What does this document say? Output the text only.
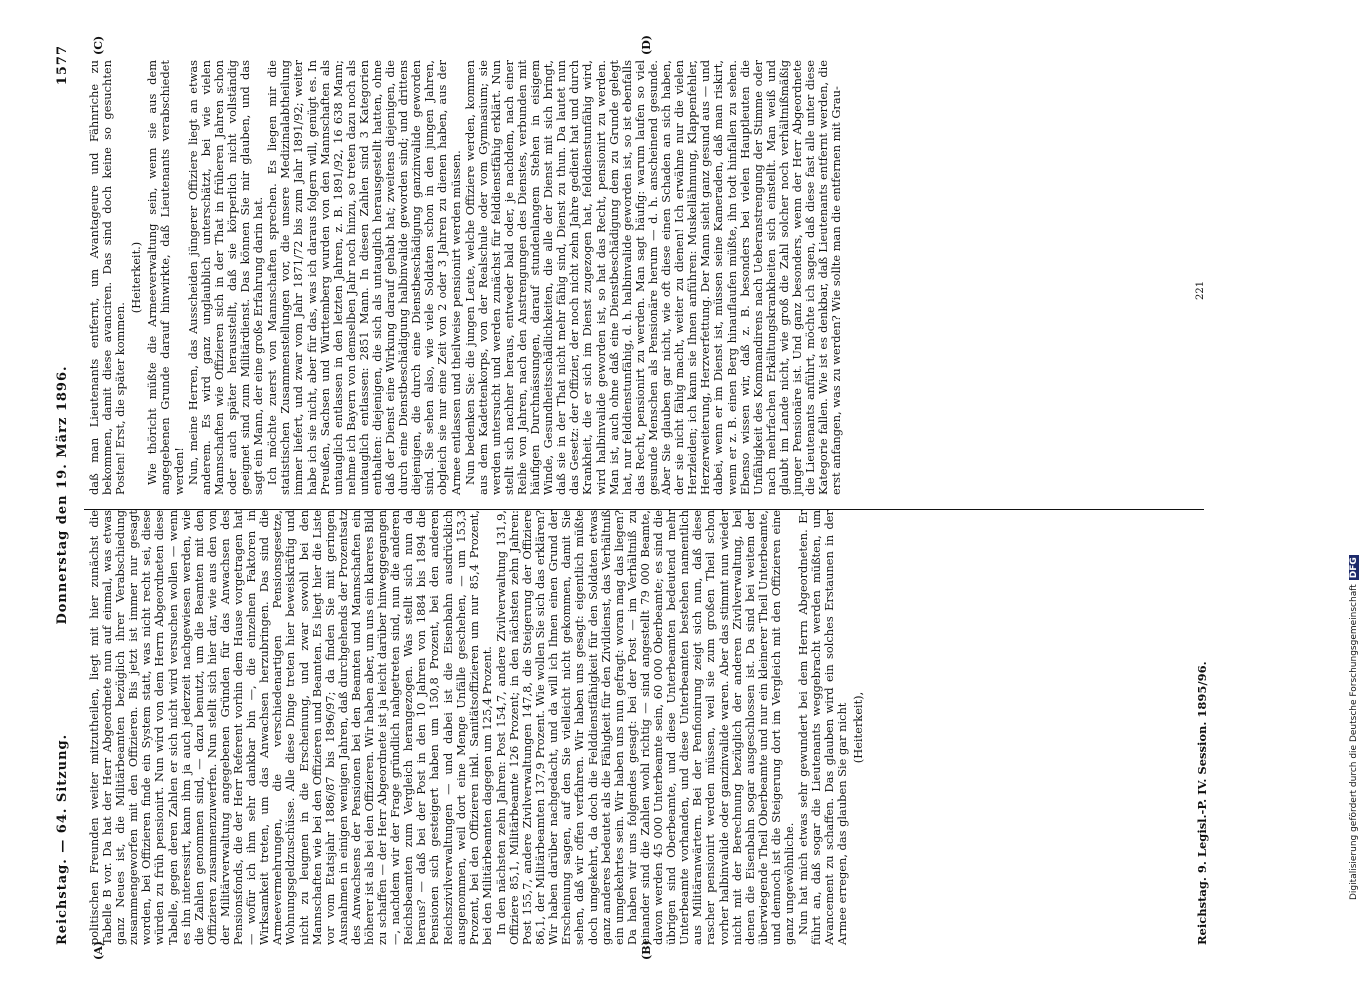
Reichstag. — 64. Sitzung.
Donnerstag den 19. März 1896.
1577
(A)	(B)
(C)	(D)

politischen Freunden weiter mitzutheilen, liegt mit hier zunächst die Tabelle B vor. Da hat der Herr Abgeordnete nun auf einmal, was etwas ganz Neues ist, die Militärbeamten bezüglich ihrer Verabschiedung zusammengeworfen mit den Offizieren. Bis jetzt ist immer nur gesagt worden, bei Offizieren finde ein System statt, was nicht recht sei, diese würden zu früh pensionirt. Nun wird von dem Herrn Abgeordneten diese Tabelle, gegen deren Zahlen er sich nicht wird versuchen wollen — wenn es ihn interessirt, kann ihm ja auch jederzeit nachgewiesen werden, wie die Zahlen genommen sind, — dazu benutzt, um die Beamten mit den Offizieren zusammenzuwerfen. Nun stellt sich hier dar, wie aus den von der Militärverwaltung angegebenen Gründen für das Anwachsen des Pensionsfonds, die der Herr Referent vorhin dem Hause vorgetragen hat — wofür ich ihm sehr dankbar bin —, die einzelnen Faktoren in Wirksamkeit treten, um das Anwachsen herzubringen. Das sind die Armeevermehrungen, die verschiedenartigen Pensionsgesetze, Wohnungsgeldzuschüsse. Alle diese Dinge treten hier beweiskräftig und nicht zu leugnen in die Erscheinung, und zwar sowohl bei den Mannschaften wie bei den Offizieren und Beamten. Es liegt hier die Liste vor vom Etatsjahr 1886/87 bis 1896/97; da finden Sie mit geringen Ausnahmen in einigen wenigen Jahren, daß durchgehends der Prozentsatz des Anwachsens der Pensionen bei den Beamten und Mannschaften ein höherer ist als bei den Offizieren. Wir haben aber, um uns ein klareres Bild zu schaffen — der Herr Abgeordnete ist ja leicht darüber hinweggegangen —, nachdem wir der Frage gründlich nahgetreten sind, nun die anderen Reichsbeamten zum Vergleich herangezogen. Was stellt sich nun da heraus? — daß bei der Post in den 10 Jahren von 1884 bis 1894 die Pensionen sich gesteigert haben um 150,8 Prozent, bei den anderen Reichszivilverwaltungen — und dabei ist die Eisenbahn ausdrücklich ausgenommen, weil dort eine Menge Unfälle geschehen, — um 153,3 Prozent, bei den Offizieren inkl. Sanitätsoffizieren um nur 85,4 Prozent, bei den Militärbeamten dagegen um 125,4 Prozent. In den nächsten zehn Jahren: Post 154,7, andere Zivilverwaltung 131,9, Offiziere 85,1, Militärbeamte 126 Prozent; in den nächsten zehn Jahren: Post 155,7, andere Zivilverwaltungen 147,8, die Steigerung der Offiziere 86,1, der Militärbeamten 137,9 Prozent. Wie wollen Sie sich das erklären? Wir haben darüber nachgedacht, und da will ich Ihnen einen Grund der Erscheinung sagen, auf den Sie vielleicht nicht gekommen, damit Sie sehen, daß wir offen verfahren. Wir haben uns gesagt: eigentlich müßte doch umgekehrt, da doch die Felddienstfähigkeit für den Soldaten etwas ganz anderes bedeutet als die Fähigkeit für den Zivildienst, das Verhältniß ein umgekehrtes sein. Wir haben uns nun gefragt: woran mag das liegen? Da haben wir uns folgendes gesagt: bei der Post — im Verhältniß zu einander sind die Zahlen wohl richtig — sind angestellt 79 000 Beamte, davon werden 45 000 Unterbeamte sein, 60 000 Oberbeamte; es sind die übrigen sind Oberbeamte, und diese Unterbeamten bedeutend mehr Unterbeamte vorhanden, und diese Unterbeamten bestehen namentlich aus Militäranwärtern. Bei der Penfionirung zeigt sich nun, daß diese rascher pensionirt werden müssen, weil sie zum großen Theil schon vorher halbinvalide oder ganzinvalide waren. Aber das stimmt nun wieder nicht mit der Berechnung bezüglich der anderen Zivilverwaltung, bei denen die Eisenbahn sogar ausgeschlossen ist. Da sind bei weitem der überwiegende Theil Oberbeamte und nur ein kleinerer Theil Unterbeamte, und dennoch ist die Steigerung dort im Vergleich mit den Offizieren eine ganz ungewöhnliche. Nun hat mich etwas sehr gewundert bei dem Herrn Abgeordneten. Er führt an, daß sogar die Lieutenants weggebracht werden müßten, um Avancement zu schaffen. Das glauben wird ein solches Erstaunen in der Armee erregen, das glauben Sie gar nicht (Heiterkeit),

daß man Lieutenants entfernt, um Avantageure und Fähnriche zu bekommen, damit diese avanciren. Das sind doch keine so gesuchten Posten! Erst, die später kommen.

(Heiterkeit.) Wie thöricht müßte die Armeeverwaltung sein, wenn sie aus dem angegebenen Grunde darauf hinwirkte, daß Lieutenants verabschiedet werden! Nun, meine Herren, das Ausscheiden jüngerer Offiziere liegt an etwas anderem. Es wird ganz unglaublich unterschätzt, bei wie vielen Mannschaften wie Offizieren sich in der That in früheren Jahren schon oder auch später herausstellt, daß sie körperlich nicht vollständig geeignet sind zum Militärdienst. Das können Sie mir glauben, und das sagt ein Mann, der eine große Erfahrung darin hat. Ich möchte zuerst von Mannschaften sprechen. Es liegen mir die statistischen Zusammenstellungen vor, die unsere Medizinalabtheilung immer liefert, und zwar vom Jahr 1871/72 bis zum Jahr 1891/92; weiter habe ich sie nicht, aber für das, was ich daraus folgern will, genügt es. In Preußen, Sachsen und Württemberg wurden von den Mannschaften als untauglich entlassen in den letzten Jahren, z. B. 1891/92, 16 638 Mann; nehme ich Bayern von demselben Jahr noch hinzu, so treten dazu noch als untauglich entlassen: 2851 Mann. In diesen Zahlen sind 3 Kategorien enthalten: diejenigen, die sich als untauglich herausgestellt hatten, ohne daß der Dienst eine Wirkung darauf gehabt hat; zweitens diejenigen, die durch eine Dienstbeschädigung halbinvalide geworden sind; und drittens diejenigen, die durch eine Dienstbeschädigung ganzinvalide geworden sind. Sie sehen also, wie viele Soldaten schon in den jungen Jahren, obgleich sie nur eine Zeit von 2 oder 3 Jahren zu dienen haben, aus der Armee entlassen und theilweise pensionirt werden müssen. Nun bedenken Sie: die jungen Leute, welche Offiziere werden, kommen aus dem Kadettenkorps, von der Realschule oder vom Gymnasium; sie werden untersucht und werden zunächst für felddienstfähig erklärt. Nun stellt sich nachher heraus, entweder bald oder, je nachdem, nach einer Reihe von Jahren, nach den Anstrengungen des Dienstes, verbunden mit häufigen Durchnässungen, darauf stundenlangem Stehen in eisigem Winde, Gesundheitsschädlichkeiten, die alle der Dienst mit sich bringt, daß sie in der That nicht mehr fähig sind, Dienst zu thun. Da lautet nun das Gesetz: der Offizier, der noch nicht zehn Jahre gedient hat und durch Krankheit, die er sich im Dienst zugezogen hat, felddienstunfähig wird, wird halbinvalide geworden ist, so hat das Recht, pensionirt zu werden. Man ist, auch ohne daß eine Dienstbeschädigung dem zu Grunde gelegt hat, nur felddienstunfähig, d. h. halbinvalide geworden ist, so ist ebenfalls das Recht, pensionirt zu werden. Man sagt häufig: warum laufen so viel gesunde Menschen als Pensionäre herum — d. h. anscheinend gesunde. Aber Sie glauben gar nicht, wie oft diese einen Schaden an sich haben, der sie nicht fähig macht, weiter zu dienen! Ich erwähne nur die vielen Herzleiden; ich kann sie Ihnen anführen: Muskellähmung, Klappenfehler, Herzerweiterung, Herzverfettung. Der Mann sieht ganz gesund aus — und dabei, wenn er im Dienst ist, müssen seine Kameraden, daß man riskirt, wenn er z. B. einen Berg hinauflaufen müßte, ihn todt hinfallen zu sehen. Ebenso wissen wir, daß z. B. besonders bei vielen Hauptleuten die Unfähigkeit des Kommandirens nach Ueberanstrengung der Stimme oder nach mehrfachen Erkältungskrankheiten sich einstellt. Man weiß und glaubt im Lande nicht, wie groß die Zahl solcher noch verhältnißmäßig junger Pensionäre ist. Und ganz besonders, wenn der Herr Abgeordnete die Lieutenants anführt, möchte ich sagen, daß diese fast alle unter diese Kategorie fallen. Wie ist es denkbar, daß Lieutenants entfernt werden, die erst anfangen, was zu werden? Wie sollte man die entfernen mit Grau-

Reichstag. 9. Legisl.-P. IV. Session. 1895/96.
221
Digitalisierung gefördert durch die Deutsche ForschungsgemeinschaftDFG
